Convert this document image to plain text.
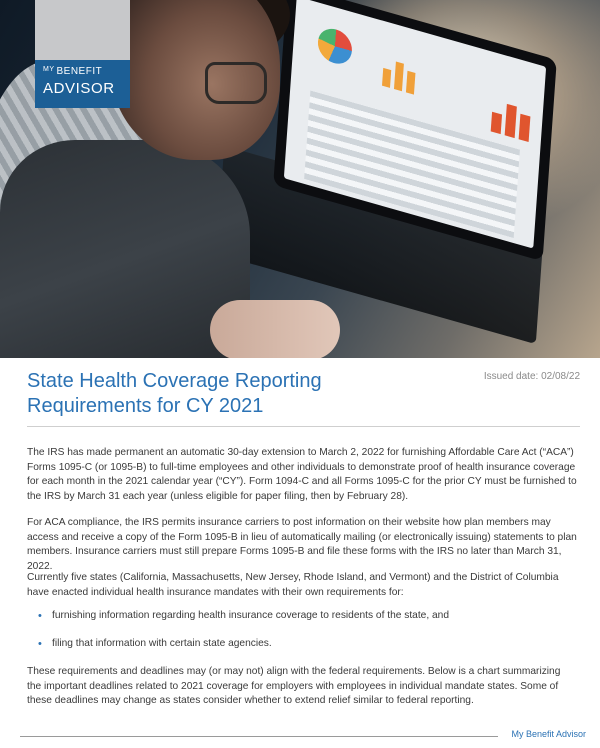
$^{MY}$ BENEFIT
ADVISOR
State Health Coverage Reporting Requirements for CY 2021
Issued date: 02/08/22

The IRS has made permanent an automatic 30-day extension to March 2, 2022 for furnishing Affordable Care Act (“ACA”) Forms 1095-C (or 1095-B) to full-time employees and other individuals to demonstrate proof of health insurance coverage for each month in the 2021 calendar year (“CY”). Form 1094-C and all Forms 1095-C for the prior CY must be furnished to the IRS by March 31 each year (unless eligible for paper filing, then by February 28).

For ACA compliance, the IRS permits insurance carriers to post information on their website how plan members may access and receive a copy of the Form 1095-B in lieu of automatically mailing (or electronically issuing) statements to plan members. Insurance carriers must still prepare Forms 1095-B and file these forms with the IRS no later than March 31, 2022.

Currently five states (California, Massachusetts, New Jersey, Rhode Island, and Vermont) and the District of Columbia have enacted individual health insurance mandates with their own requirements for:

• furnishing information regarding health insurance coverage to residents of the state, and
• filing that information with certain state agencies.

These requirements and deadlines may (or may not) align with the federal requirements. Below is a chart summarizing the important deadlines related to 2021 coverage for employers with employees in individual mandate states. Some of these deadlines may change as states consider whether to extend relief similar to federal reporting.

My Benefit Advisor
